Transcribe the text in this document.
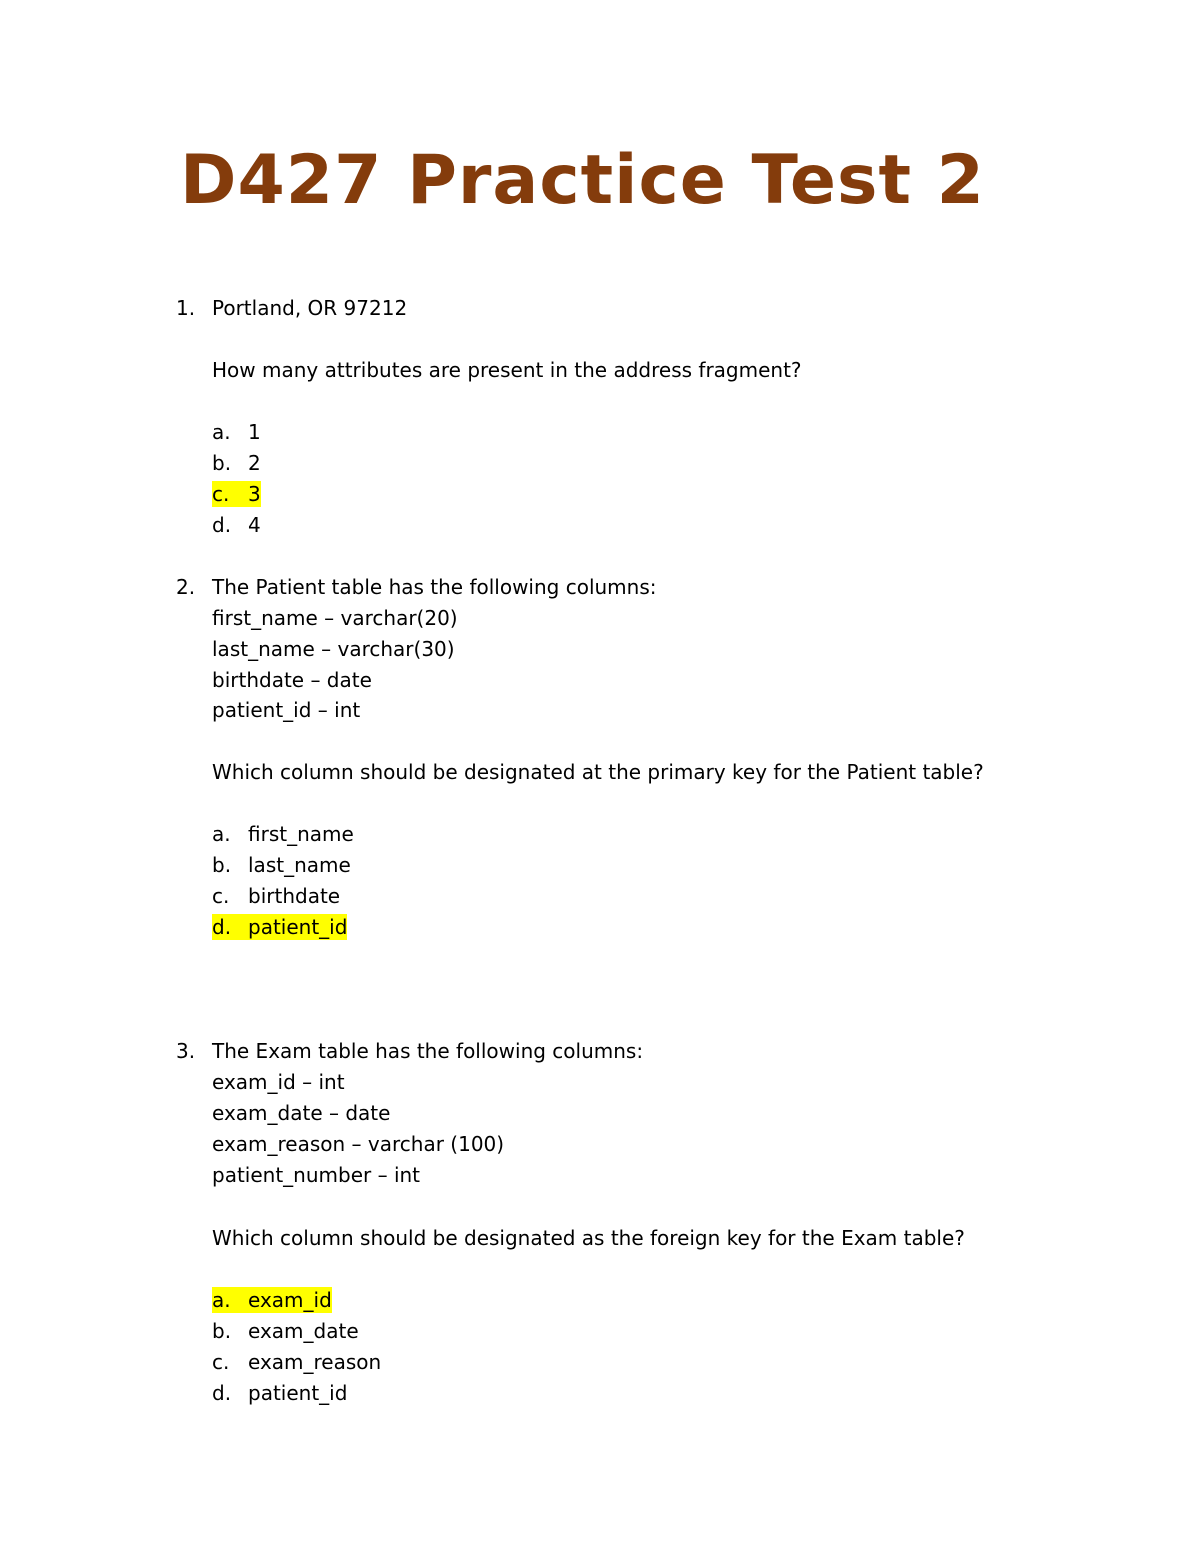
D427 Practice Test 2
1. Portland, OR 97212
How many attributes are present in the address fragment?
a. 1
b. 2
c. 3
d. 4
2. The Patient table has the following columns:
first_name – varchar(20)
last_name – varchar(30)
birthdate – date
patient_id – int
Which column should be designated at the primary key for the Patient table?
a. first_name
b. last_name
c. birthdate
d. patient_id
3. The Exam table has the following columns:
exam_id – int
exam_date – date
exam_reason – varchar (100)
patient_number – int
Which column should be designated as the foreign key for the Exam table?
a. exam_id
b. exam_date
c. exam_reason
d. patient_id
